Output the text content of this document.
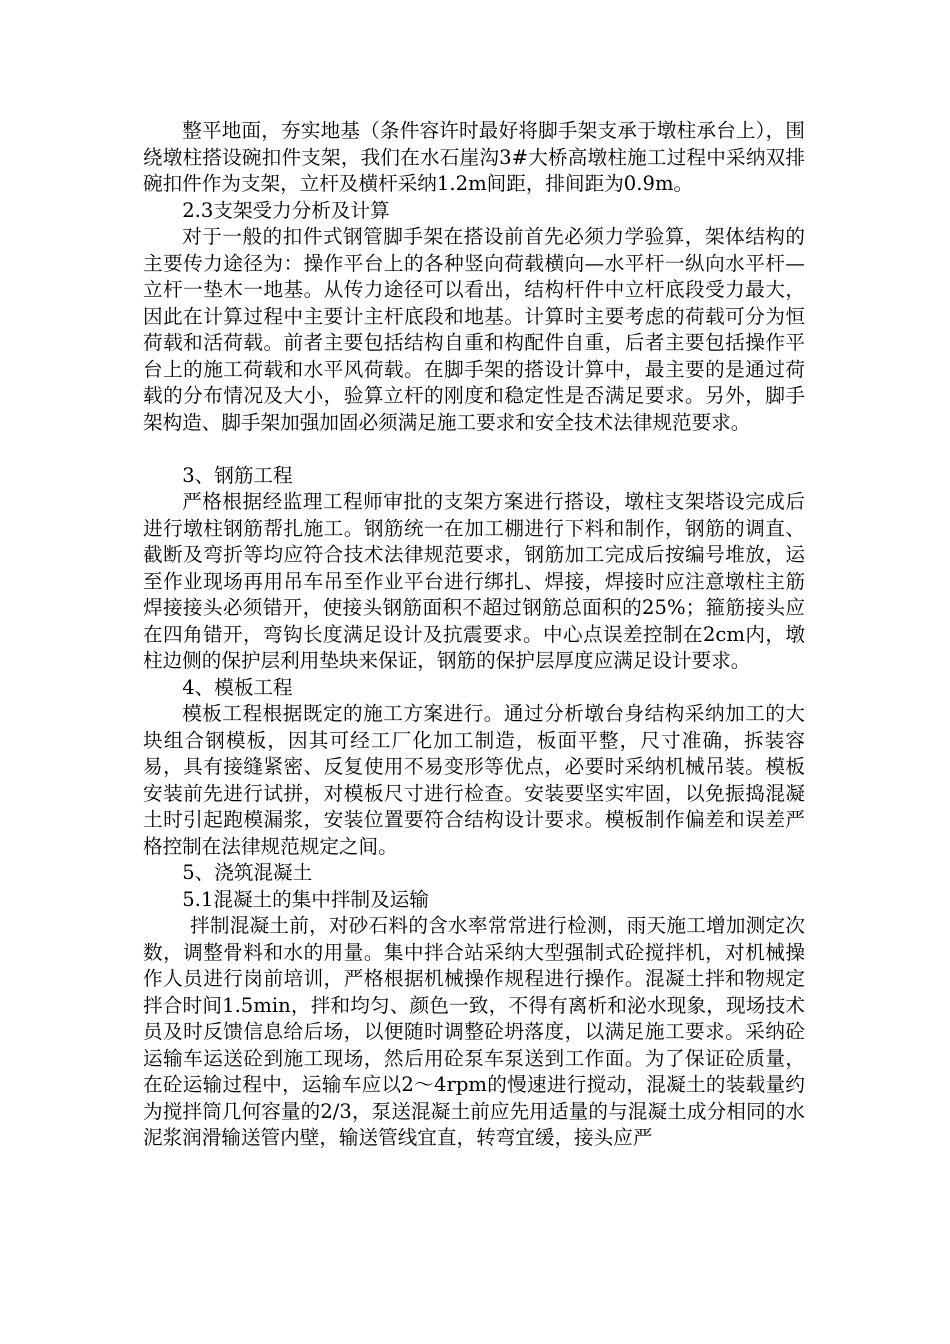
整平地面，夯实地基（条件容许时最好将脚手架支承于墩柱承台上），围绕墩柱搭设碗扣件支架，我们在水石崖沟3#大桥高墩柱施工过程中采纳双排碗扣件作为支架，立杆及横杆采纳1.2m间距，排间距为0.9m。

2.3支架受力分析及计算

对于一般的扣件式钢管脚手架在搭设前首先必须力学验算，架体结构的主要传力途径为：操作平台上的各种竖向荷载横向—水平杆一纵向水平杆—立杆一垫木一地基。从传力途径可以看出，结构杆件中立杆底段受力最大，因此在计算过程中主要计主杆底段和地基。计算时主要考虑的荷载可分为恒荷载和活荷载。前者主要包括结构自重和构配件自重，后者主要包括操作平台上的施工荷载和水平风荷载。在脚手架的搭设计算中，最主要的是通过荷载的分布情况及大小，验算立杆的刚度和稳定性是否满足要求。另外，脚手架构造、脚手架加强加固必须满足施工要求和安全技术法律规范要求。

3、钢筋工程

严格根据经监理工程师审批的支架方案进行搭设，墩柱支架塔设完成后进行墩柱钢筋帮扎施工。钢筋统一在加工棚进行下料和制作，钢筋的调直、截断及弯折等均应符合技术法律规范要求，钢筋加工完成后按编号堆放，运至作业现场再用吊车吊至作业平台进行绑扎、焊接，焊接时应注意墩柱主筋焊接接头必须错开，使接头钢筋面积不超过钢筋总面积的25%；箍筋接头应在四角错开，弯钩长度满足设计及抗震要求。中心点误差控制在2cm内，墩柱边侧的保护层利用垫块来保证，钢筋的保护层厚度应满足设计要求。

4、模板工程

模板工程根据既定的施工方案进行。通过分析墩台身结构采纳加工的大块组合钢模板，因其可经工厂化加工制造，板面平整，尺寸准确，拆装容易，具有接缝紧密、反复使用不易变形等优点，必要时采纳机械吊装。模板安装前先进行试拼，对模板尺寸进行检查。安装要坚实牢固，以免振捣混凝土时引起跑模漏浆，安装位置要符合结构设计要求。模板制作偏差和误差严格控制在法律规范规定之间。

5、浇筑混凝土

5.1混凝土的集中拌制及运输

拌制混凝土前，对砂石料的含水率常常进行检测，雨天施工增加测定次数，调整骨料和水的用量。集中拌合站采纳大型强制式砼搅拌机，对机械操作人员进行岗前培训，严格根据机械操作规程进行操作。混凝土拌和物规定拌合时间1.5min，拌和均匀、颜色一致，不得有离析和泌水现象，现场技术员及时反馈信息给后场，以便随时调整砼坍落度，以满足施工要求。采纳砼运输车运送砼到施工现场，然后用砼泵车泵送到工作面。为了保证砼质量，在砼运输过程中，运输车应以2～4rpm的慢速进行搅动，混凝土的装载量约为搅拌筒几何容量的2/3，泵送混凝土前应先用适量的与混凝土成分相同的水泥浆润滑输送管内壁，输送管线宜直，转弯宜缓，接头应严
